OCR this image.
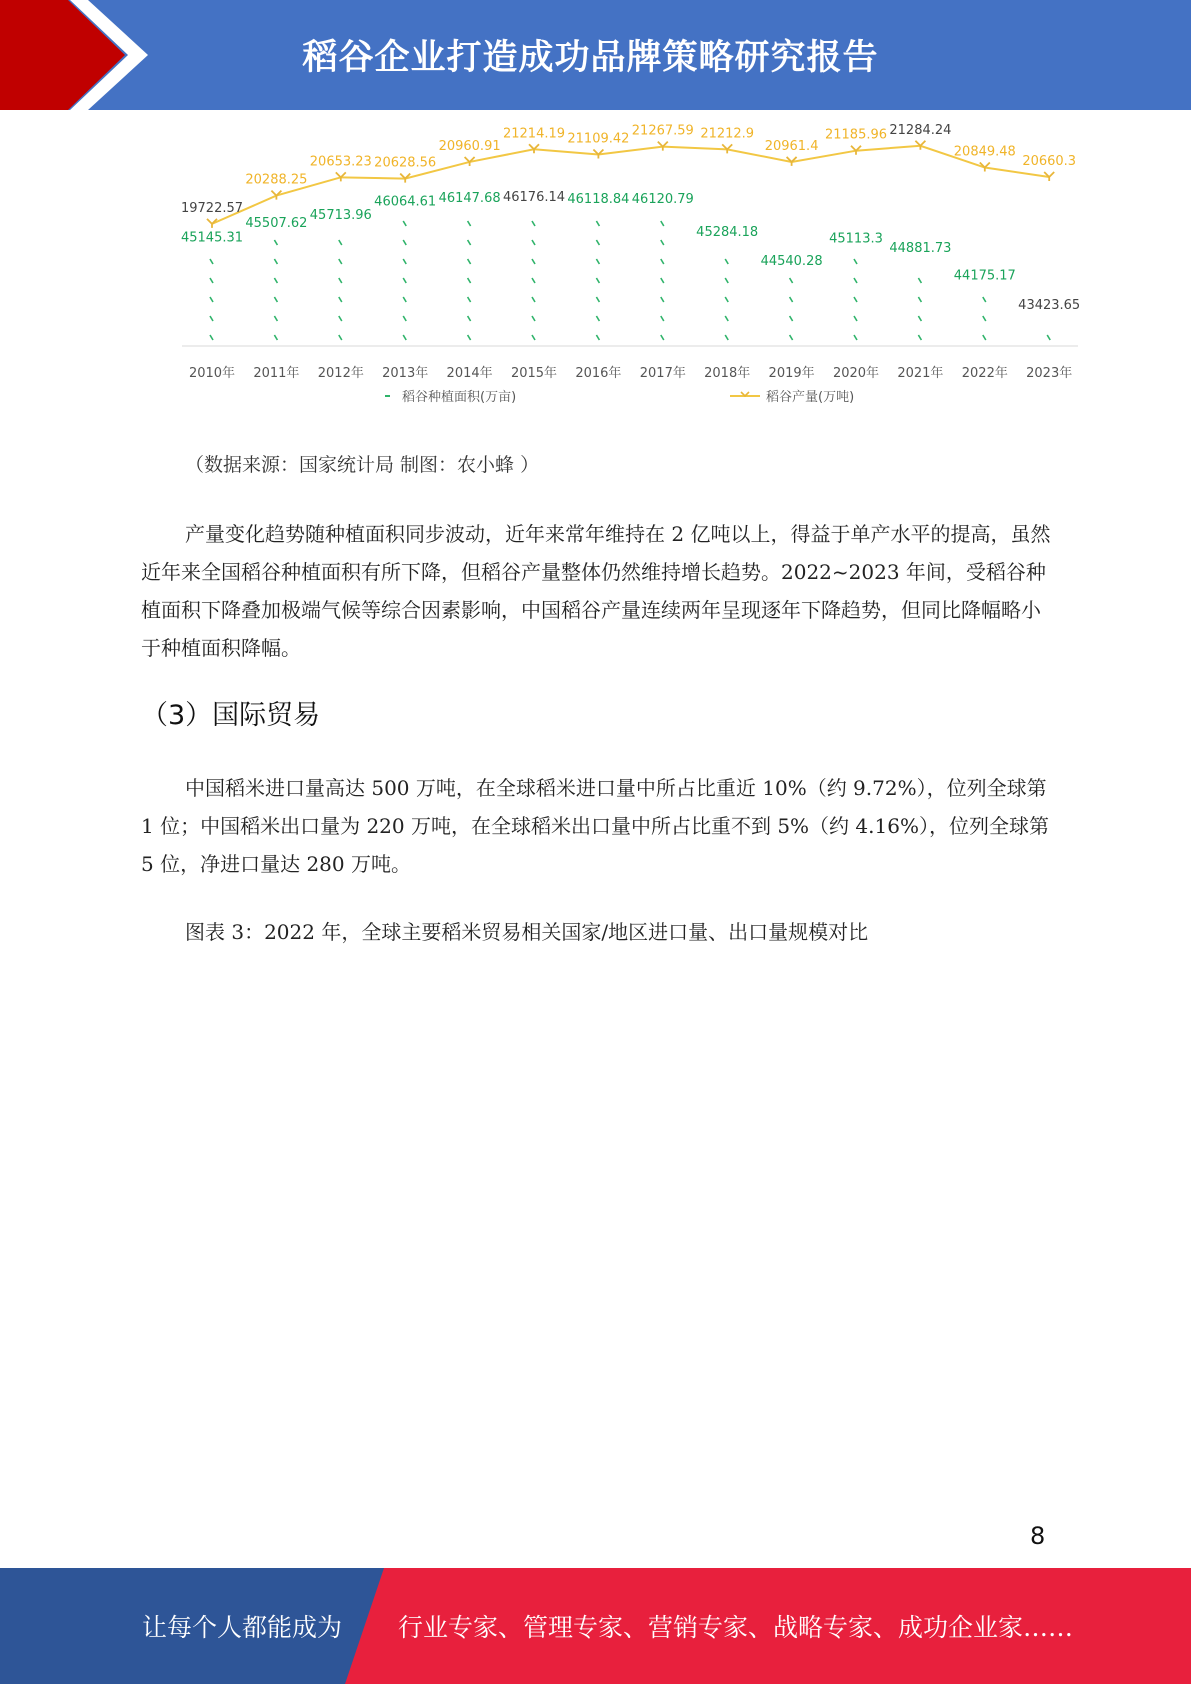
稻谷企业打造成功品牌策略研究报告
19722.57
20288.25
20653.23 20628.56
20960.91
21214.19 21109.42
21267.59 21212.9
20961.4
21185.96 21284.24
20849.48
20660.3
45145.31
45507.62
45713.96
46064.61 46147.68 46176.14 46118.84 46120.79
45284.18
44540.28
45113.3
44881.73
44175.17
43423.65
2010年 2011年 2012年 2013年 2014年 2015年 2016年 2017年 2018年 2019年 2020年 2021年 2022年 2023年
稻谷种植面积(万亩)	稻谷产量(万吨)
（数据来源：国家统计局 制图：农小蜂 ）

产量变化趋势随种植面积同步波动，近年来常年维持在 2 亿吨以上，得益于单产水平的提高，虽然近年来全国稻谷种植面积有所下降，但稻谷产量整体仍然维持增长趋势。2022~2023 年间，受稻谷种植面积下降叠加极端气候等综合因素影响，中国稻谷产量连续两年呈现逐年下降趋势，但同比降幅略小于种植面积降幅。

（3）国际贸易

中国稻米进口量高达 500 万吨，在全球稻米进口量中所占比重近 10%（约 9.72%），位列全球第 1 位；中国稻米出口量为 220 万吨，在全球稻米出口量中所占比重不到 5%（约 4.16%），位列全球第 5 位，净进口量达 280 万吨。

图表 3：2022 年，全球主要稻米贸易相关国家/地区进口量、出口量规模对比
8
让每个人都能成为 行业专家、管理专家、营销专家、战略专家、成功企业家……
